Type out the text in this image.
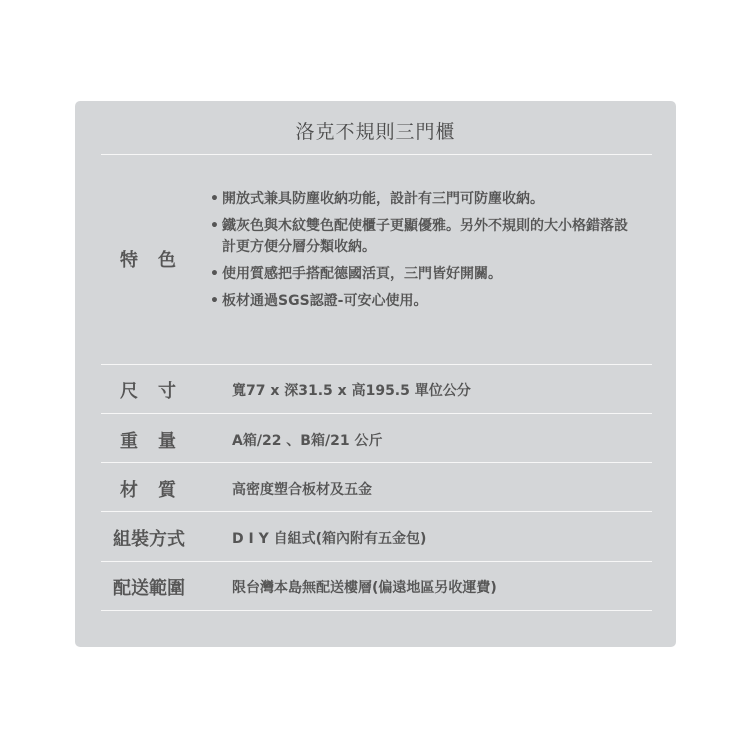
洛克不規則三門櫃
特色
• 開放式兼具防塵收納功能，設計有三門可防塵收納。
• 鐵灰色與木紋雙色配使櫃子更顯優雅。另外不規則的大小格錯落設計更方便分層分類收納。
• 使用質感把手搭配德國活頁，三門皆好開關。
• 板材通過SGS認證-可安心使用。
尺寸	寬77 x 深31.5 x 高195.5 單位公分
重量	A箱/22 、B箱/21 公斤
材質	高密度塑合板材及五金
組裝方式	D I Y 自組式(箱內附有五金包)
配送範圍	限台灣本島無配送樓層(偏遠地區另收運費)
